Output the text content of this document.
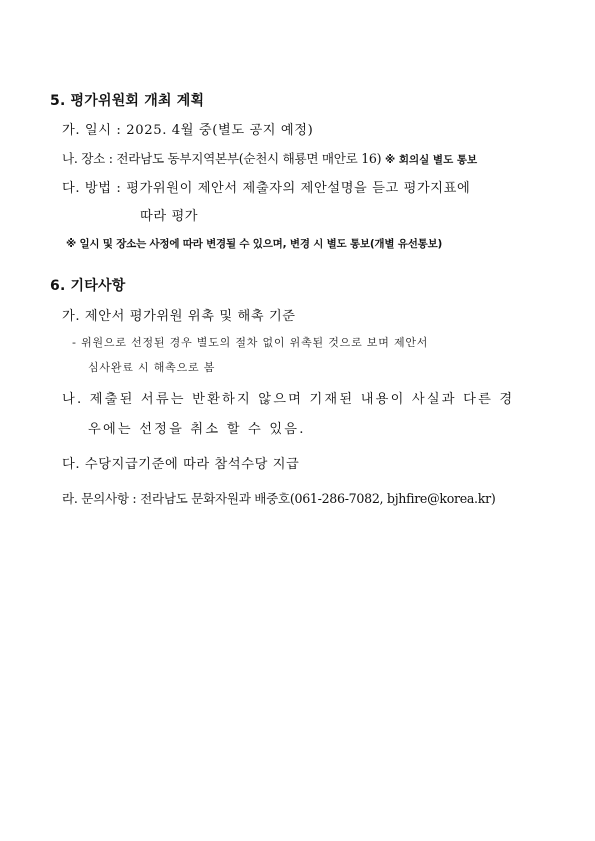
5. 평가위원회 개최 계획
가. 일시 : 2025. 4월 중(별도 공지 예정)
나. 장소 : 전라남도 동부지역본부(순천시 해룡면 매안로 16) ※ 회의실 별도 통보
다. 방법 : 평가위원이 제안서 제출자의 제안설명을 듣고 평가지표에
따라 평가
※ 일시 및 장소는 사정에 따라 변경될 수 있으며, 변경 시 별도 통보(개별 유선통보)
6. 기타사항
가. 제안서 평가위원 위촉 및 해촉 기준
- 위원으로 선정된 경우 별도의 절차 없이 위촉된 것으로 보며 제안서
심사완료 시 해촉으로 봄
나. 제출된 서류는 반환하지 않으며 기재된 내용이 사실과 다른 경
우에는 선정을 취소 할 수 있음.
다. 수당지급기준에 따라 참석수당 지급
라. 문의사항 : 전라남도 문화자원과 배중호(061-286-7082, bjhfire@korea.kr)
